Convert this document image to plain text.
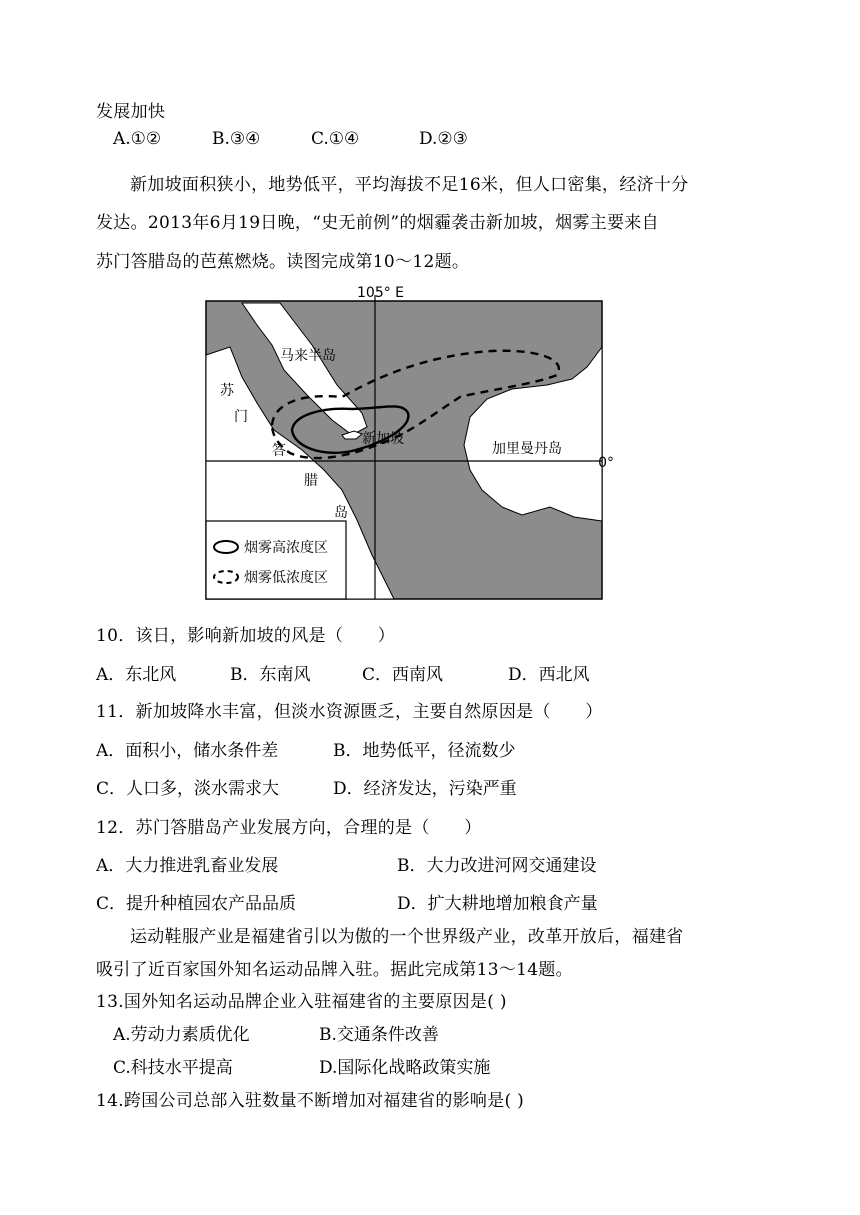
发展加快
A.①②	B.③④	C.①④	D.②③
新加坡面积狭小，地势低平，平均海拔不足16米，但人口密集，经济十分
发达。2013年6月19日晚，“史无前例”的烟霾袭击新加坡，烟雾主要来自
苏门答腊岛的芭蕉燃烧。读图完成第10～12题。
105° E
0°
马来半岛
苏
门
答
腊
岛
新加坡
加里曼丹岛
烟雾高浓度区
烟雾低浓度区
10．该日，影响新加坡的风是（　　）
A．东北风	B．东南风	C．西南风	D．西北风
11．新加坡降水丰富，但淡水资源匮乏，主要自然原因是（　　）
A．面积小，储水条件差	B．地势低平，径流数少
C．人口多，淡水需求大	D．经济发达，污染严重
12．苏门答腊岛产业发展方向，合理的是（　　）
A．大力推进乳畜业发展	B．大力改进河网交通建设
C．提升种植园农产品品质	D．扩大耕地增加粮食产量
运动鞋服产业是福建省引以为傲的一个世界级产业，改革开放后，福建省
吸引了近百家国外知名运动品牌入驻。据此完成第13～14题。
13.国外知名运动品牌企业入驻福建省的主要原因是( )
A.劳动力素质优化	B.交通条件改善
C.科技水平提高	D.国际化战略政策实施
14.跨国公司总部入驻数量不断增加对福建省的影响是( )
